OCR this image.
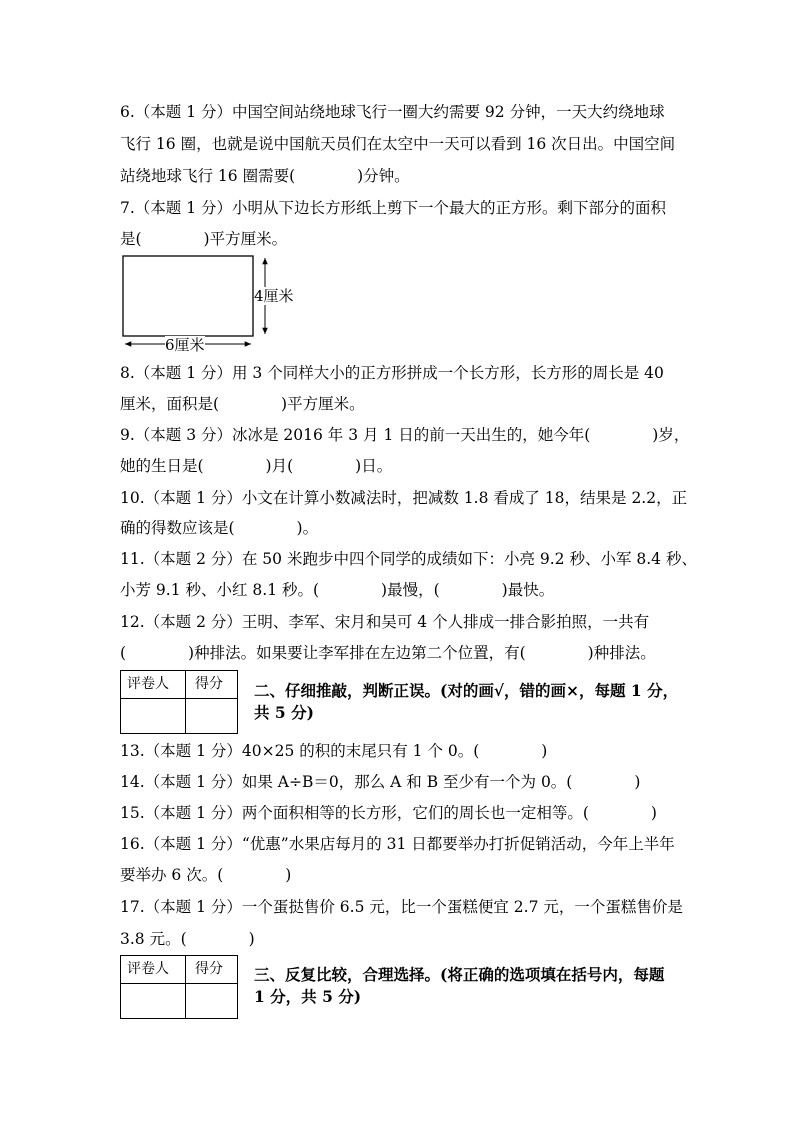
6.（本题 1 分）中国空间站绕地球飞行一圈大约需要 92 分钟，一天大约绕地球
飞行 16 圈，也就是说中国航天员们在太空中一天可以看到 16 次日出。中国空间
站绕地球飞行 16 圈需要(　　　　)分钟。
7.（本题 1 分）小明从下边长方形纸上剪下一个最大的正方形。剩下部分的面积
是(　　　　)平方厘米。
4厘米
6厘米
8.（本题 1 分）用 3 个同样大小的正方形拼成一个长方形，长方形的周长是 40
厘米，面积是(　　　　)平方厘米。
9.（本题 3 分）冰冰是 2016 年 3 月 1 日的前一天出生的，她今年(　　　　)岁，
她的生日是(　　　　)月(　　　　)日。
10.（本题 1 分）小文在计算小数减法时，把减数 1.8 看成了 18，结果是 2.2，正
确的得数应该是(　　　　)。
11.（本题 2 分）在 50 米跑步中四个同学的成绩如下：小亮 9.2 秒、小军 8.4 秒、
小芳 9.1 秒、小红 8.1 秒。(　　　　)最慢，(　　　　)最快。
12.（本题 2 分）王明、李军、宋月和吴可 4 个人排成一排合影拍照，一共有
(　　　　)种排法。如果要让李军排在左边第二个位置，有(　　　　)种排法。
评卷人 得分 二、仔细推敲，判断正误。(对的画√，错的画×，每题 1 分，
共 5 分)
13.（本题 1 分）40×25 的积的末尾只有 1 个 0。(　　　　)
14.（本题 1 分）如果 A÷B＝0，那么 A 和 B 至少有一个为 0。(　　　　)
15.（本题 1 分）两个面积相等的长方形，它们的周长也一定相等。(　　　　)
16.（本题 1 分）“优惠”水果店每月的 31 日都要举办打折促销活动，今年上半年
要举办 6 次。(　　　　)
17.（本题 1 分）一个蛋挞售价 6.5 元，比一个蛋糕便宜 2.7 元，一个蛋糕售价是
3.8 元。(　　　　)
评卷人 得分 三、反复比较，合理选择。(将正确的选项填在括号内，每题
1 分，共 5 分)
